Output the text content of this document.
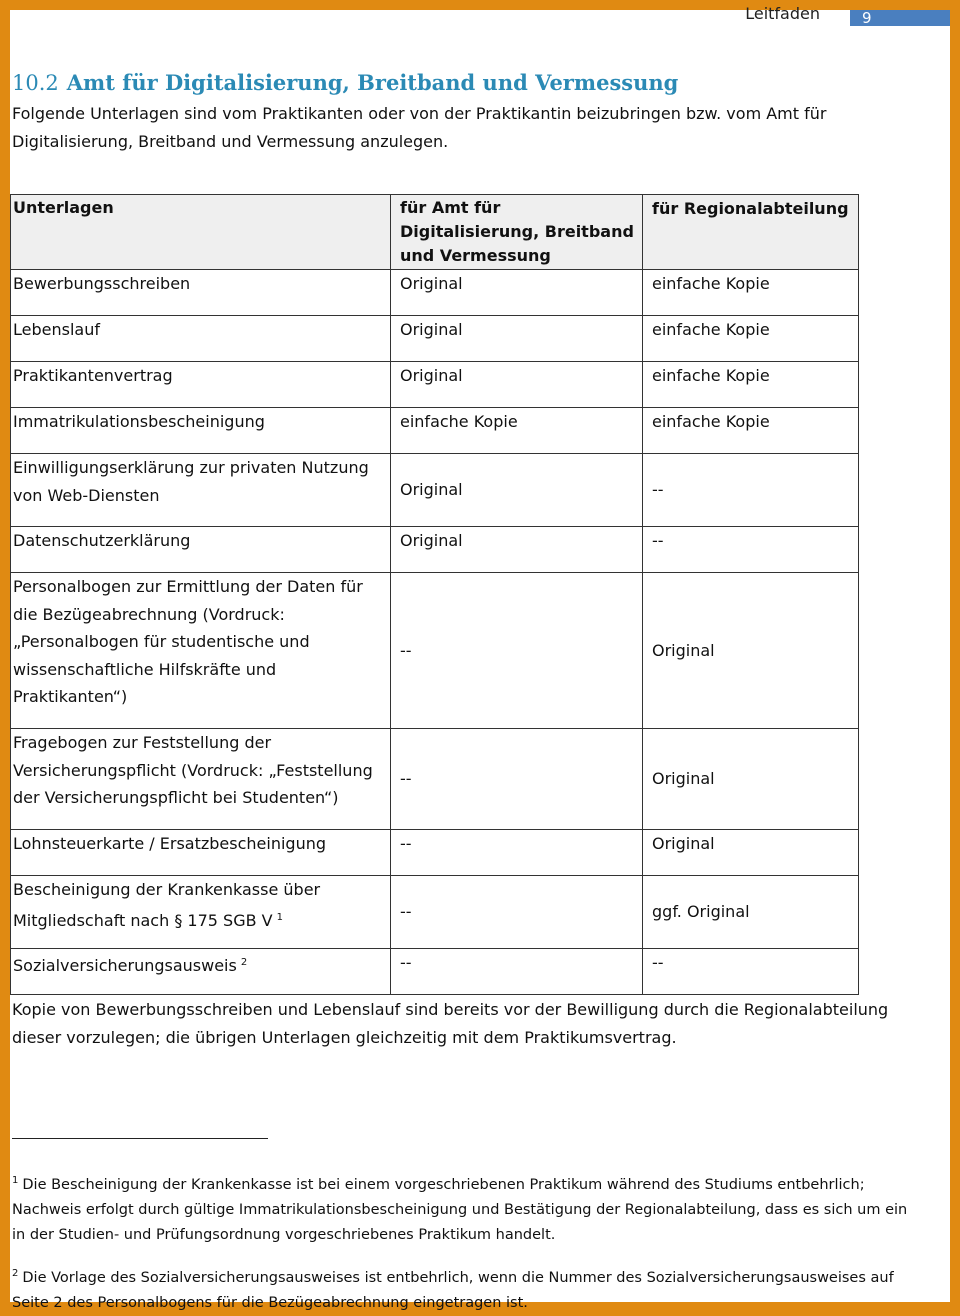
Leitfaden	9
10.2 Amt für Digitalisierung, Breitband und Vermessung

Folgende Unterlagen sind vom Praktikanten oder von der Praktikantin beizubringen bzw. vom Amt für Digitalisierung, Breitband und Vermessung anzulegen.

Unterlagen	für Amt für Digitalisierung, Breitband und Vermessung	für Regionalabteilung
Bewerbungsschreiben	Original	einfache Kopie
Lebenslauf	Original	einfache Kopie
Praktikantenvertrag	Original	einfache Kopie
Immatrikulationsbescheinigung	einfache Kopie	einfache Kopie
Einwilligungserklärung zur privaten Nutzung von Web-Diensten	Original	--
Datenschutzerklärung	Original	--
Personalbogen zur Ermittlung der Daten für die Bezügeabrechnung (Vordruck: „Personalbogen für studentische und wissenschaftliche Hilfskräfte und Praktikanten“)	--	Original
Fragebogen zur Feststellung der Versicherungspflicht (Vordruck: „Feststellung der Versicherungspflicht bei Studenten“)	--	Original
Lohnsteuerkarte / Ersatzbescheinigung	--	Original
Bescheinigung der Krankenkasse über Mitgliedschaft nach § 175 SGB V $^1$	--	ggf. Original
Sozialversicherungsausweis $^2$	--	--

Kopie von Bewerbungsschreiben und Lebenslauf sind bereits vor der Bewilligung durch die Regionalabteilung dieser vorzulegen; die übrigen Unterlagen gleichzeitig mit dem Praktikumsvertrag.

$^1$ Die Bescheinigung der Krankenkasse ist bei einem vorgeschriebenen Praktikum während des Studiums entbehrlich; Nachweis erfolgt durch gültige Immatrikulationsbescheinigung und Bestätigung der Regionalabteilung, dass es sich um ein in der Studien- und Prüfungsordnung vorgeschriebenes Praktikum handelt.

$^2$ Die Vorlage des Sozialversicherungsausweises ist entbehrlich, wenn die Nummer des Sozialversicherungsausweises auf Seite 2 des Personalbogens für die Bezügeabrechnung eingetragen ist.
